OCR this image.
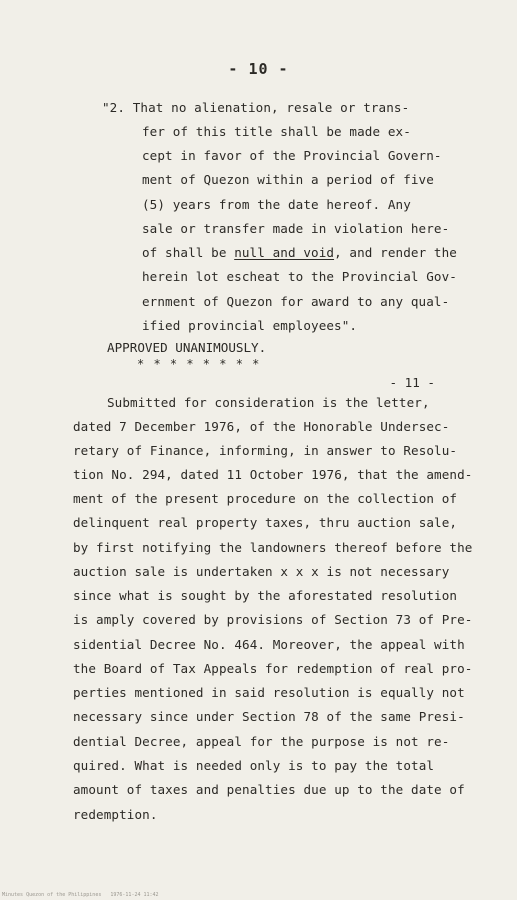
- 10 -
"2. That no alienation, resale or trans-
fer of this title shall be made ex-
cept in favor of the Provincial Govern-
ment of Quezon within a period of five
(5) years from the date hereof. Any
sale or transfer made in violation here-
of shall be null and void, and render the
herein lot escheat to the Provincial Gov-
ernment of Quezon for award to any qual-
ified provincial employees".
APPROVED UNANIMOUSLY.
* * * * * * * *
- 11 -
Submitted for consideration is the letter,
dated 7 December 1976, of the Honorable Undersec-
retary of Finance, informing, in answer to Resolu-
tion No. 294, dated 11 October 1976, that the amend-
ment of the present procedure on the collection of
delinquent real property taxes, thru auction sale,
by first notifying the landowners thereof before the
auction sale is undertaken x x x is not necessary
since what is sought by the aforestated resolution
is amply covered by provisions of Section 73 of Pre-
sidential Decree No. 464. Moreover, the appeal with
the Board of Tax Appeals for redemption of real pro-
perties mentioned in said resolution is equally not
necessary since under Section 78 of the same Presi-
dential Decree, appeal for the purpose is not re-
quired. What is needed only is to pay the total
amount of taxes and penalties due up to the date of
redemption.
Minutes Quezon of the Philippines   1976-11-24 11:42
